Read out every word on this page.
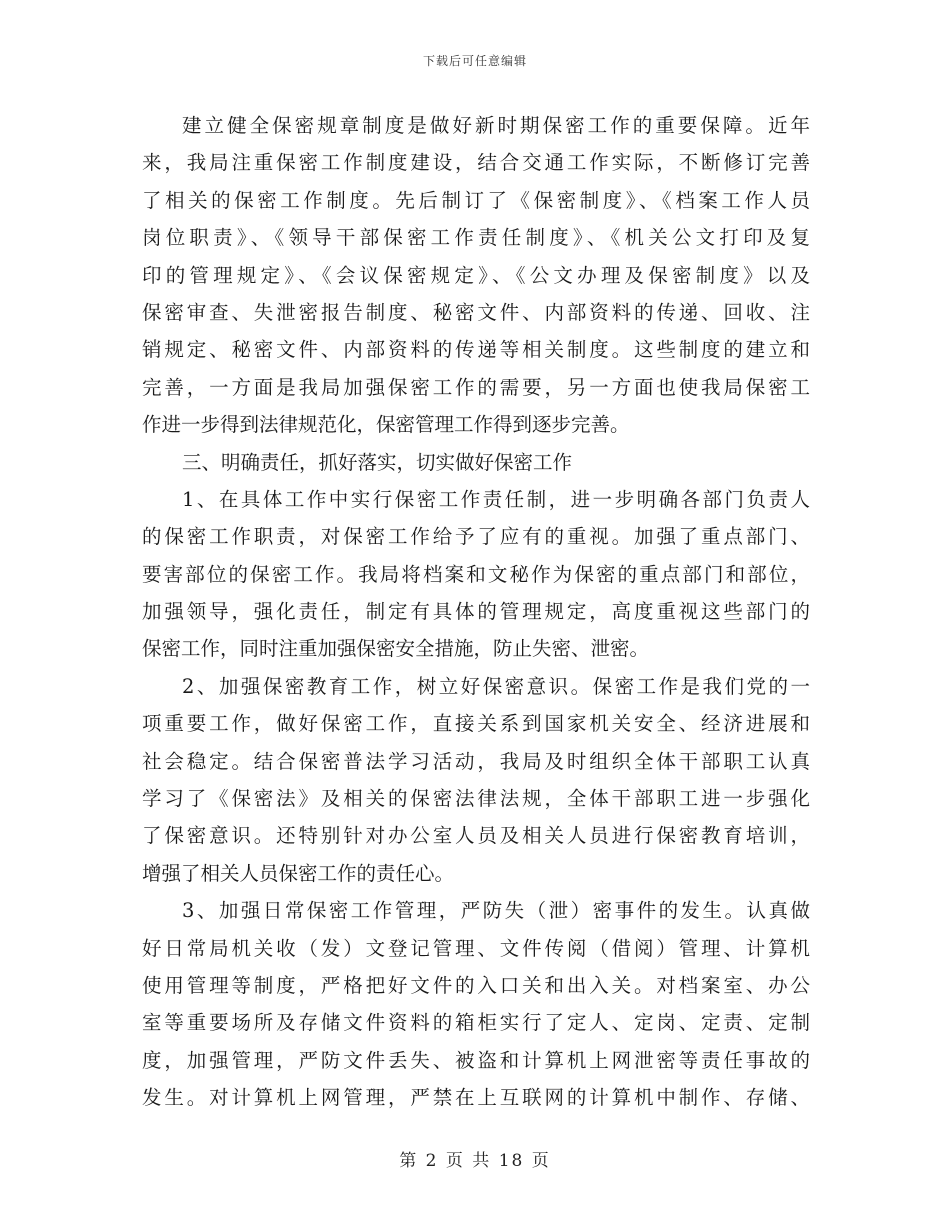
下载后可任意编辑
建立健全保密规章制度是做好新时期保密工作的重要保障。近年
来，我局注重保密工作制度建设，结合交通工作实际，不断修订完善
了相关的保密工作制度。先后制订了《保密制度》、《档案工作人员
岗位职责》、《领导干部保密工作责任制度》、《机关公文打印及复
印的管理规定》、《会议保密规定》、《公文办理及保密制度》以及
保密审查、失泄密报告制度、秘密文件、内部资料的传递、回收、注
销规定、秘密文件、内部资料的传递等相关制度。这些制度的建立和
完善，一方面是我局加强保密工作的需要，另一方面也使我局保密工
作进一步得到法律规范化，保密管理工作得到逐步完善。
三、明确责任，抓好落实，切实做好保密工作
1、在具体工作中实行保密工作责任制，进一步明确各部门负责人
的保密工作职责，对保密工作给予了应有的重视。加强了重点部门、
要害部位的保密工作。我局将档案和文秘作为保密的重点部门和部位，
加强领导，强化责任，制定有具体的管理规定，高度重视这些部门的
保密工作，同时注重加强保密安全措施，防止失密、泄密。
2、加强保密教育工作，树立好保密意识。保密工作是我们党的一
项重要工作，做好保密工作，直接关系到国家机关安全、经济进展和
社会稳定。结合保密普法学习活动，我局及时组织全体干部职工认真
学习了《保密法》及相关的保密法律法规，全体干部职工进一步强化
了保密意识。还特别针对办公室人员及相关人员进行保密教育培训，
增强了相关人员保密工作的责任心。
3、加强日常保密工作管理，严防失（泄）密事件的发生。认真做
好日常局机关收（发）文登记管理、文件传阅（借阅）管理、计算机
使用管理等制度，严格把好文件的入口关和出入关。对档案室、办公
室等重要场所及存储文件资料的箱柜实行了定人、定岗、定责、定制
度，加强管理，严防文件丢失、被盗和计算机上网泄密等责任事故的
发生。对计算机上网管理，严禁在上互联网的计算机中制作、存储、
第 2 页 共 18 页
